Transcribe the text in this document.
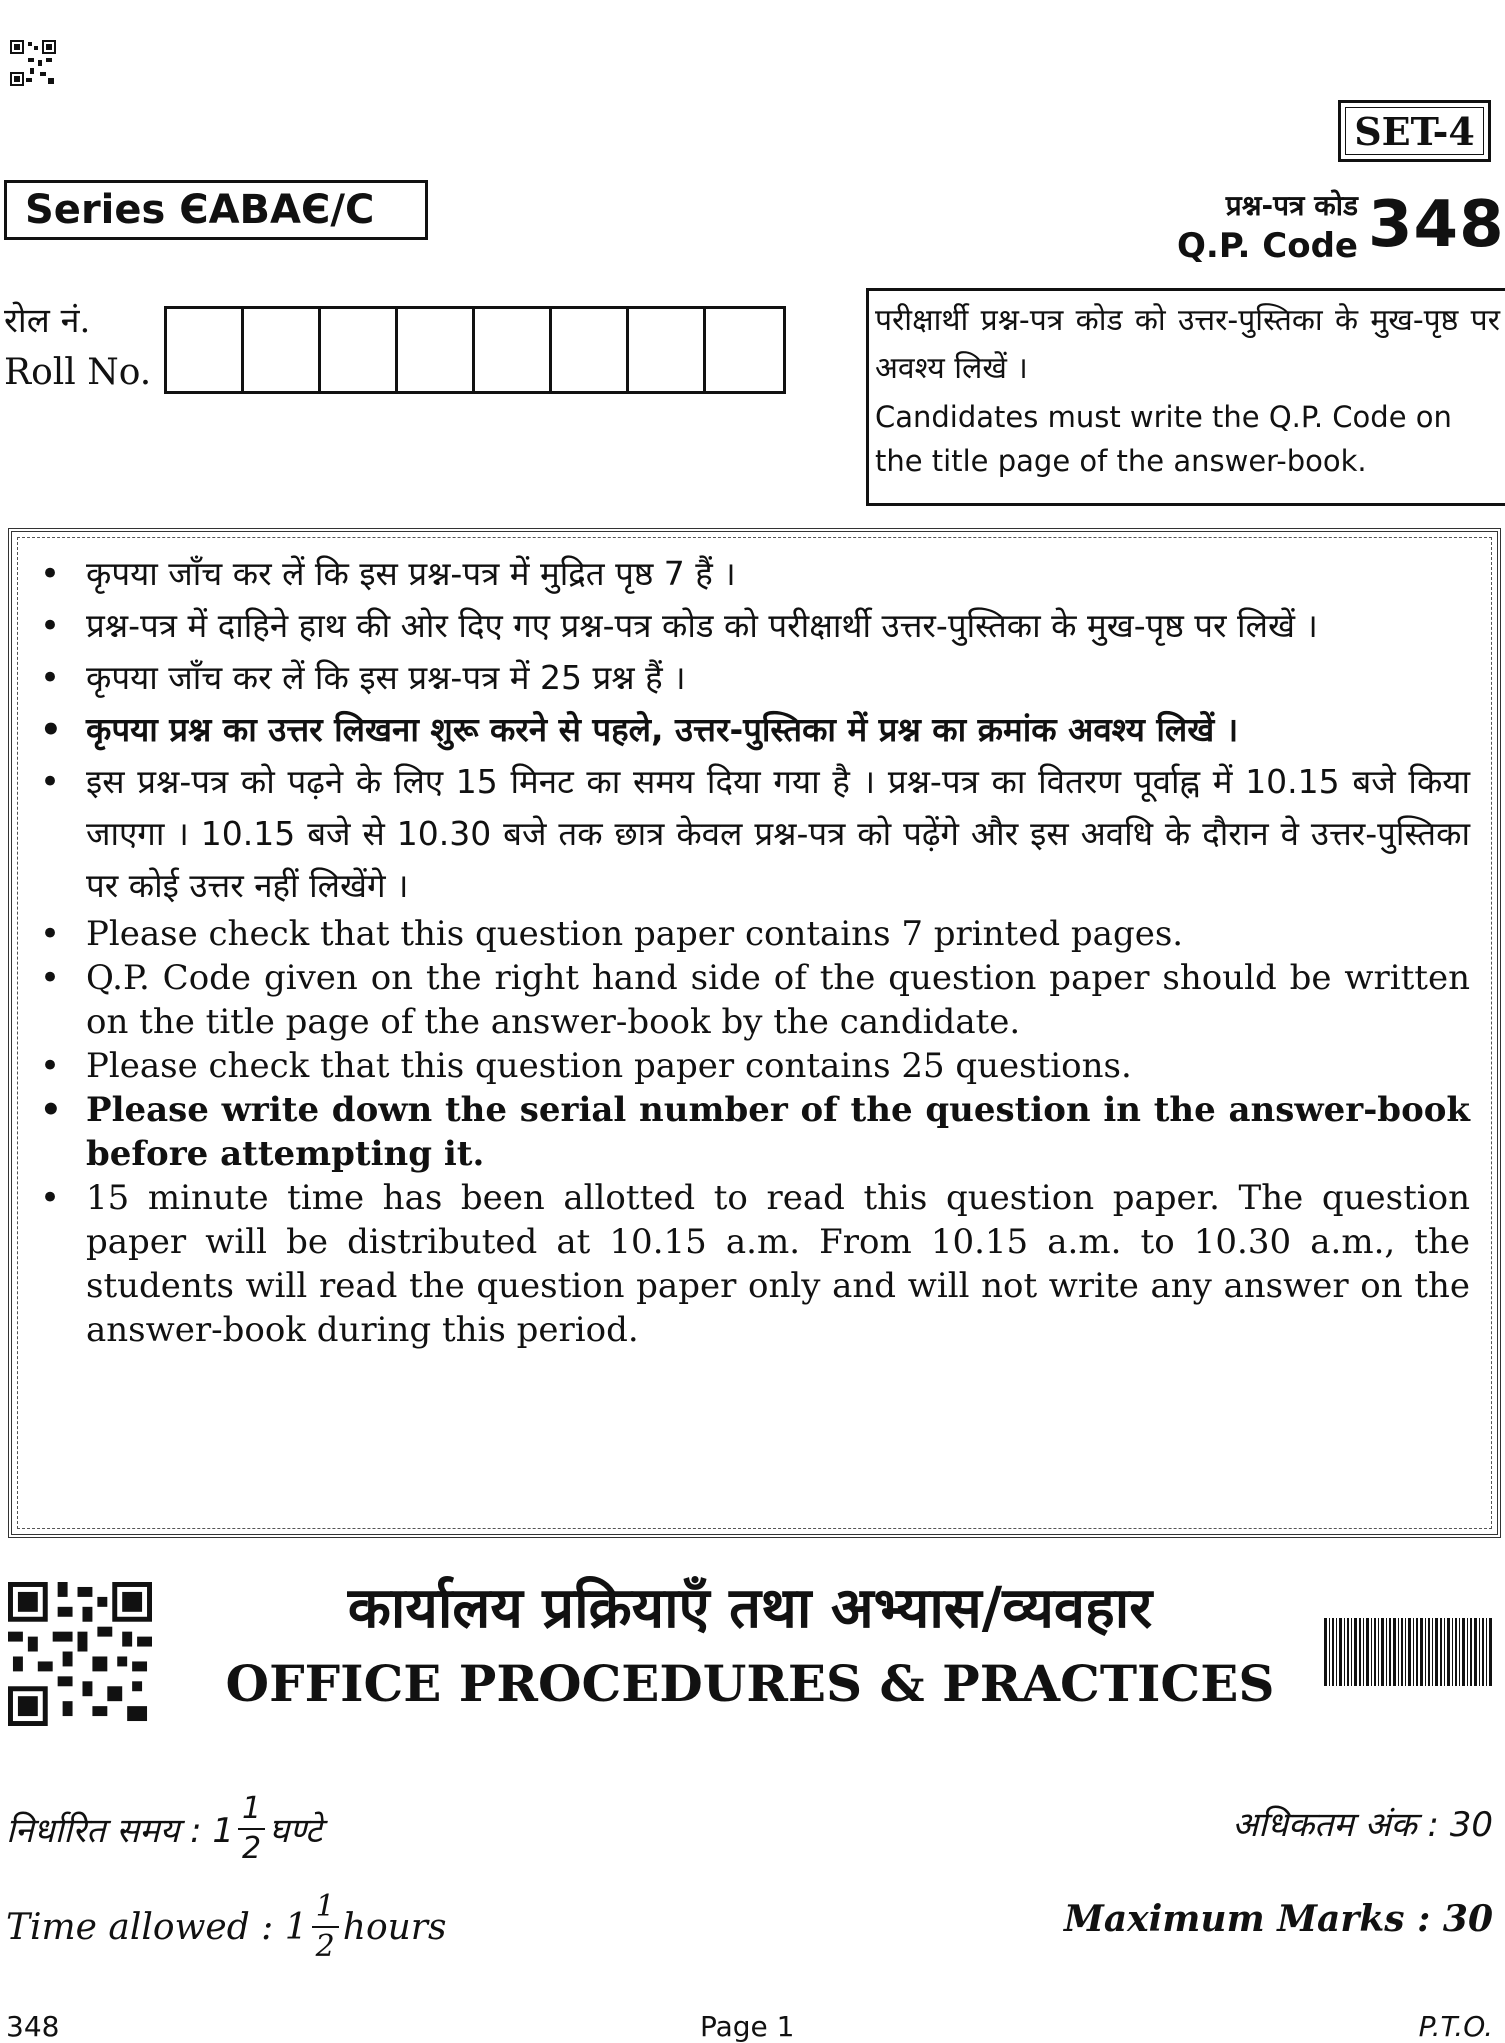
SET-4
Series ЄABAЄ/C	प्रश्न-पत्र कोड
Q.P. Code 348
रोल नं.
Roll No.
परीक्षार्थी प्रश्न-पत्र कोड को उत्तर-पुस्तिका के मुख-पृष्ठ पर अवश्य लिखें ।
Candidates must write the Q.P. Code on the title page of the answer-book.
• कृपया जाँच कर लें कि इस प्रश्न-पत्र में मुद्रित पृष्ठ 7 हैं ।
• प्रश्न-पत्र में दाहिने हाथ की ओर दिए गए प्रश्न-पत्र कोड को परीक्षार्थी उत्तर-पुस्तिका के मुख-पृष्ठ पर लिखें ।
• कृपया जाँच कर लें कि इस प्रश्न-पत्र में 25 प्रश्न हैं ।
• कृपया प्रश्न का उत्तर लिखना शुरू करने से पहले, उत्तर-पुस्तिका में प्रश्न का क्रमांक अवश्य लिखें ।
• इस प्रश्न-पत्र को पढ़ने के लिए 15 मिनट का समय दिया गया है । प्रश्न-पत्र का वितरण पूर्वाह्न में 10.15 बजे किया जाएगा । 10.15 बजे से 10.30 बजे तक छात्र केवल प्रश्न-पत्र को पढ़ेंगे और इस अवधि के दौरान वे उत्तर-पुस्तिका पर कोई उत्तर नहीं लिखेंगे ।
• Please check that this question paper contains 7 printed pages.
• Q.P. Code given on the right hand side of the question paper should be written on the title page of the answer-book by the candidate.
• Please check that this question paper contains 25 questions.
• Please write down the serial number of the question in the answer-book before attempting it.
• 15 minute time has been allotted to read this question paper. The question paper will be distributed at 10.15 a.m. From 10.15 a.m. to 10.30 a.m., the students will read the question paper only and will not write any answer on the answer-book during this period.
कार्यालय प्रक्रियाएँ तथा अभ्यास/व्यवहार
OFFICE PROCEDURES & PRACTICES
निर्धारित समय : $1 \frac{1}{2}$ घण्टे	अधिकतम अंक : 30
Time allowed : $1 \frac{1}{2}$ hours	Maximum Marks : 30
348	Page 1	P.T.O.
